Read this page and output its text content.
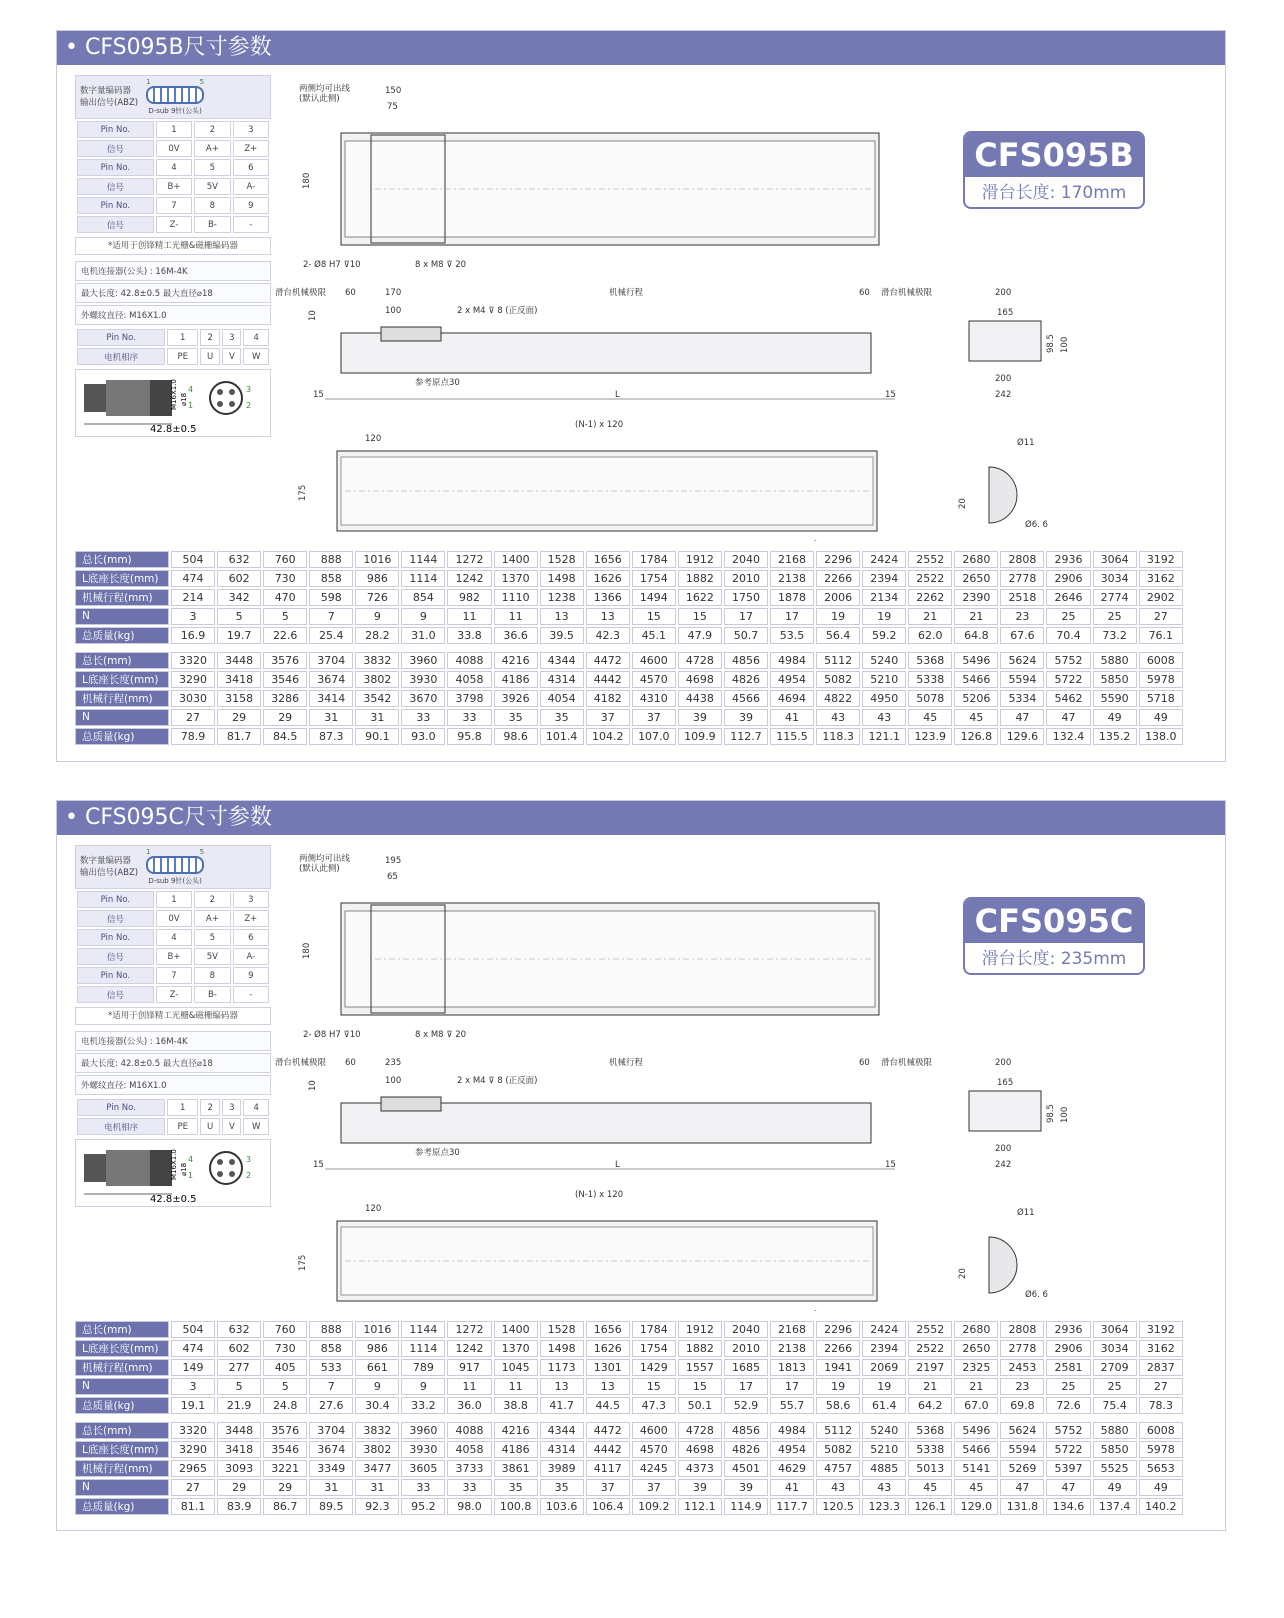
• CFS095B尺寸参数
数字量编码器
输出信号(ABZ)
1	5
D-sub 9针(公头)
Pin No.	1	2	3
信号	0V	A+	Z+
Pin No.	4	5	6
信号	B+	5V	A-
Pin No.	7	8	9
信号	Z-	B-	-
*适用于创锋精工光栅&磁栅编码器
电机连接器(公头) : 16M-4K
最大长度: 42.8±0.5 最大直径⌀18
外螺纹直径: M16X1.0
Pin No.	1	2	3	4
电机相序	PE	U	V	W
42.8±0.5
4
1
3
2
M16X1.0 ⌀18
两侧均可出线
(默认此侧)
150
75
180
2- Ø8 H7 ⊽10	8 x M8 ⊽ 20
滑台机械极限 60	170	机械行程	60 滑台机械极限
100	2 x M4 ⊽ 8 (正反面)
10
参考原点30
15	L	15
200
165
98.5 100
200
242
(N-1) x 120
120
175
Ø11
Ø6. 6
20
CFS095B
滑台长度: 170mm
总长(mm)	504	632	760	888	1016	1144	1272	1400	1528	1656	1784	1912	2040	2168	2296	2424	2552	2680	2808	2936	3064	3192
L底座长度(mm)	474	602	730	858	986	1114	1242	1370	1498	1626	1754	1882	2010	2138	2266	2394	2522	2650	2778	2906	3034	3162
机械行程(mm)	214	342	470	598	726	854	982	1110	1238	1366	1494	1622	1750	1878	2006	2134	2262	2390	2518	2646	2774	2902
N	3	5	5	7	9	9	11	11	13	13	15	15	17	17	19	19	21	21	23	25	25	27
总质量(kg)	16.9	19.7	22.6	25.4	28.2	31.0	33.8	36.6	39.5	42.3	45.1	47.9	50.7	53.5	56.4	59.2	62.0	64.8	67.6	70.4	73.2	76.1
总长(mm)	3320	3448	3576	3704	3832	3960	4088	4216	4344	4472	4600	4728	4856	4984	5112	5240	5368	5496	5624	5752	5880	6008
L底座长度(mm)	3290	3418	3546	3674	3802	3930	4058	4186	4314	4442	4570	4698	4826	4954	5082	5210	5338	5466	5594	5722	5850	5978
机械行程(mm)	3030	3158	3286	3414	3542	3670	3798	3926	4054	4182	4310	4438	4566	4694	4822	4950	5078	5206	5334	5462	5590	5718
N	27	29	29	31	31	33	33	35	35	37	37	39	39	41	43	43	45	45	47	47	49	49
总质量(kg)	78.9	81.7	84.5	87.3	90.1	93.0	95.8	98.6	101.4	104.2	107.0	109.9	112.7	115.5	118.3	121.1	123.9	126.8	129.6	132.4	135.2	138.0
• CFS095C尺寸参数
数字量编码器
输出信号(ABZ)
1	5
D-sub 9针(公头)
Pin No.	1	2	3
信号	0V	A+	Z+
Pin No.	4	5	6
信号	B+	5V	A-
Pin No.	7	8	9
信号	Z-	B-	-
*适用于创锋精工光栅&磁栅编码器
电机连接器(公头) : 16M-4K
最大长度: 42.8±0.5 最大直径⌀18
外螺纹直径: M16X1.0
Pin No.	1	2	3	4
电机相序	PE	U	V	W
42.8±0.5
4
1
3
2
M16X1.0 ⌀18
两侧均可出线
(默认此侧)
195
65
180
2- Ø8 H7 ⊽10	8 x M8 ⊽ 20
滑台机械极限 60	235	机械行程	60 滑台机械极限
100	2 x M4 ⊽ 8 (正反面)
10
参考原点30
15	L	15
200
165
98.5 100
200
242
(N-1) x 120
120
175
Ø11
Ø6. 6
20
CFS095C
滑台长度: 235mm
总长(mm)	504	632	760	888	1016	1144	1272	1400	1528	1656	1784	1912	2040	2168	2296	2424	2552	2680	2808	2936	3064	3192
L底座长度(mm)	474	602	730	858	986	1114	1242	1370	1498	1626	1754	1882	2010	2138	2266	2394	2522	2650	2778	2906	3034	3162
机械行程(mm)	149	277	405	533	661	789	917	1045	1173	1301	1429	1557	1685	1813	1941	2069	2197	2325	2453	2581	2709	2837
N	3	5	5	7	9	9	11	11	13	13	15	15	17	17	19	19	21	21	23	25	25	27
总质量(kg)	19.1	21.9	24.8	27.6	30.4	33.2	36.0	38.8	41.7	44.5	47.3	50.1	52.9	55.7	58.6	61.4	64.2	67.0	69.8	72.6	75.4	78.3
总长(mm)	3320	3448	3576	3704	3832	3960	4088	4216	4344	4472	4600	4728	4856	4984	5112	5240	5368	5496	5624	5752	5880	6008
L底座长度(mm)	3290	3418	3546	3674	3802	3930	4058	4186	4314	4442	4570	4698	4826	4954	5082	5210	5338	5466	5594	5722	5850	5978
机械行程(mm)	2965	3093	3221	3349	3477	3605	3733	3861	3989	4117	4245	4373	4501	4629	4757	4885	5013	5141	5269	5397	5525	5653
N	27	29	29	31	31	33	33	35	35	37	37	39	39	41	43	43	45	45	47	47	49	49
总质量(kg)	81.1	83.9	86.7	89.5	92.3	95.2	98.0	100.8	103.6	106.4	109.2	112.1	114.9	117.7	120.5	123.3	126.1	129.0	131.8	134.6	137.4	140.2
